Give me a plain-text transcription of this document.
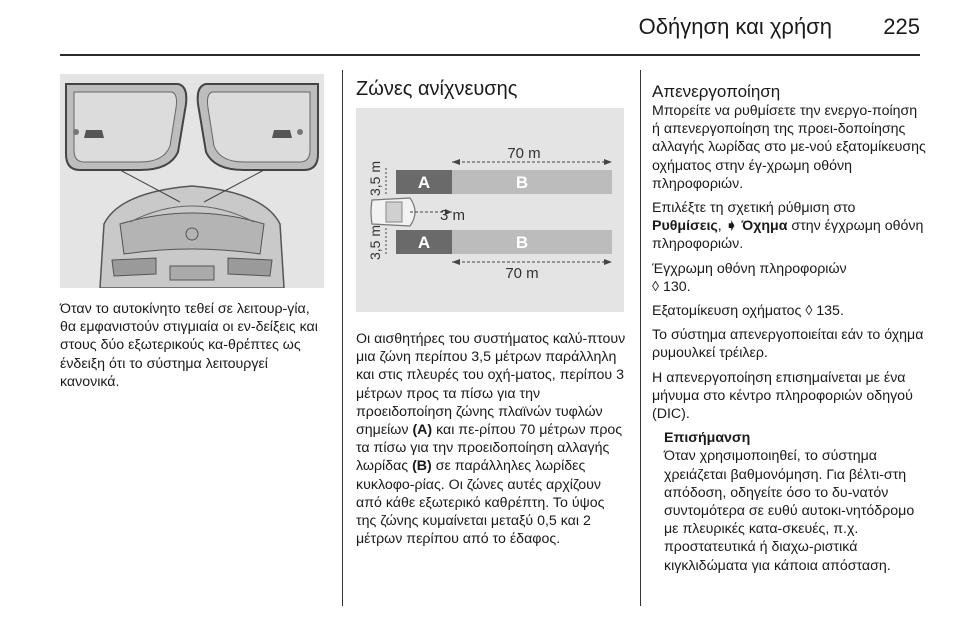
Οδήγηση και χρήση 225

Όταν το αυτοκίνητο τεθεί σε λειτουρ-γία, θα εμφανιστούν στιγμιαία οι εν-δείξεις και στους δύο εξωτερικούς κα-θρέπτες ως ένδειξη ότι το σύστημα λειτουργεί κανονικά.

Ζώνες ανίχνευσης
A	B
A	B
70 m
70 m
3 m
3,5 m
3,5 m

Οι αισθητήρες του συστήματος καλύ-πτουν μια ζώνη περίπου 3,5 μέτρων παράλληλη και στις πλευρές του οχή-ματος, περίπου 3 μέτρων προς τα πίσω για την προειδοποίηση ζώνης πλαϊνών τυφλών σημείων (A) και πε-ρίπου 70 μέτρων προς τα πίσω για την προειδοποίηση αλλαγής λωρίδας (B) σε παράλληλες λωρίδες κυκλοφο-ρίας. Οι ζώνες αυτές αρχίζουν από κάθε εξωτερικό καθρέπτη. Το ύψος της ζώνης κυμαίνεται μεταξύ 0,5 και 2 μέτρων περίπου από το έδαφος.

Απενεργοποίηση

Μπορείτε να ρυθμίσετε την ενεργο-ποίηση ή απενεργοποίηση της προει-δοποίησης αλλαγής λωρίδας στο με-νού εξατομίκευσης οχήματος στην έγ-χρωμη οθόνη πληροφοριών.

Επιλέξτε τη σχετική ρύθμιση στο Ρυθμίσεις, ➧ Όχημα στην έγχρωμη οθόνη πληροφοριών.

Έγχρωμη οθόνη πληροφοριών
◊ 130.

Εξατομίκευση οχήματος ◊ 135.

Το σύστημα απενεργοποιείται εάν το όχημα ρυμουλκεί τρέιλερ.

Η απενεργοποίηση επισημαίνεται με ένα μήνυμα στο κέντρο πληροφοριών οδηγού (DIC).

Επισήμανση
Όταν χρησιμοποιηθεί, το σύστημα χρειάζεται βαθμονόμηση. Για βέλτι-στη απόδοση, οδηγείτε όσο το δυ-νατόν συντομότερα σε ευθύ αυτοκι-νητόδρομο με πλευρικές κατα-σκευές, π.χ. προστατευτικά ή διαχω-ριστικά κιγκλιδώματα για κάποια απόσταση.
